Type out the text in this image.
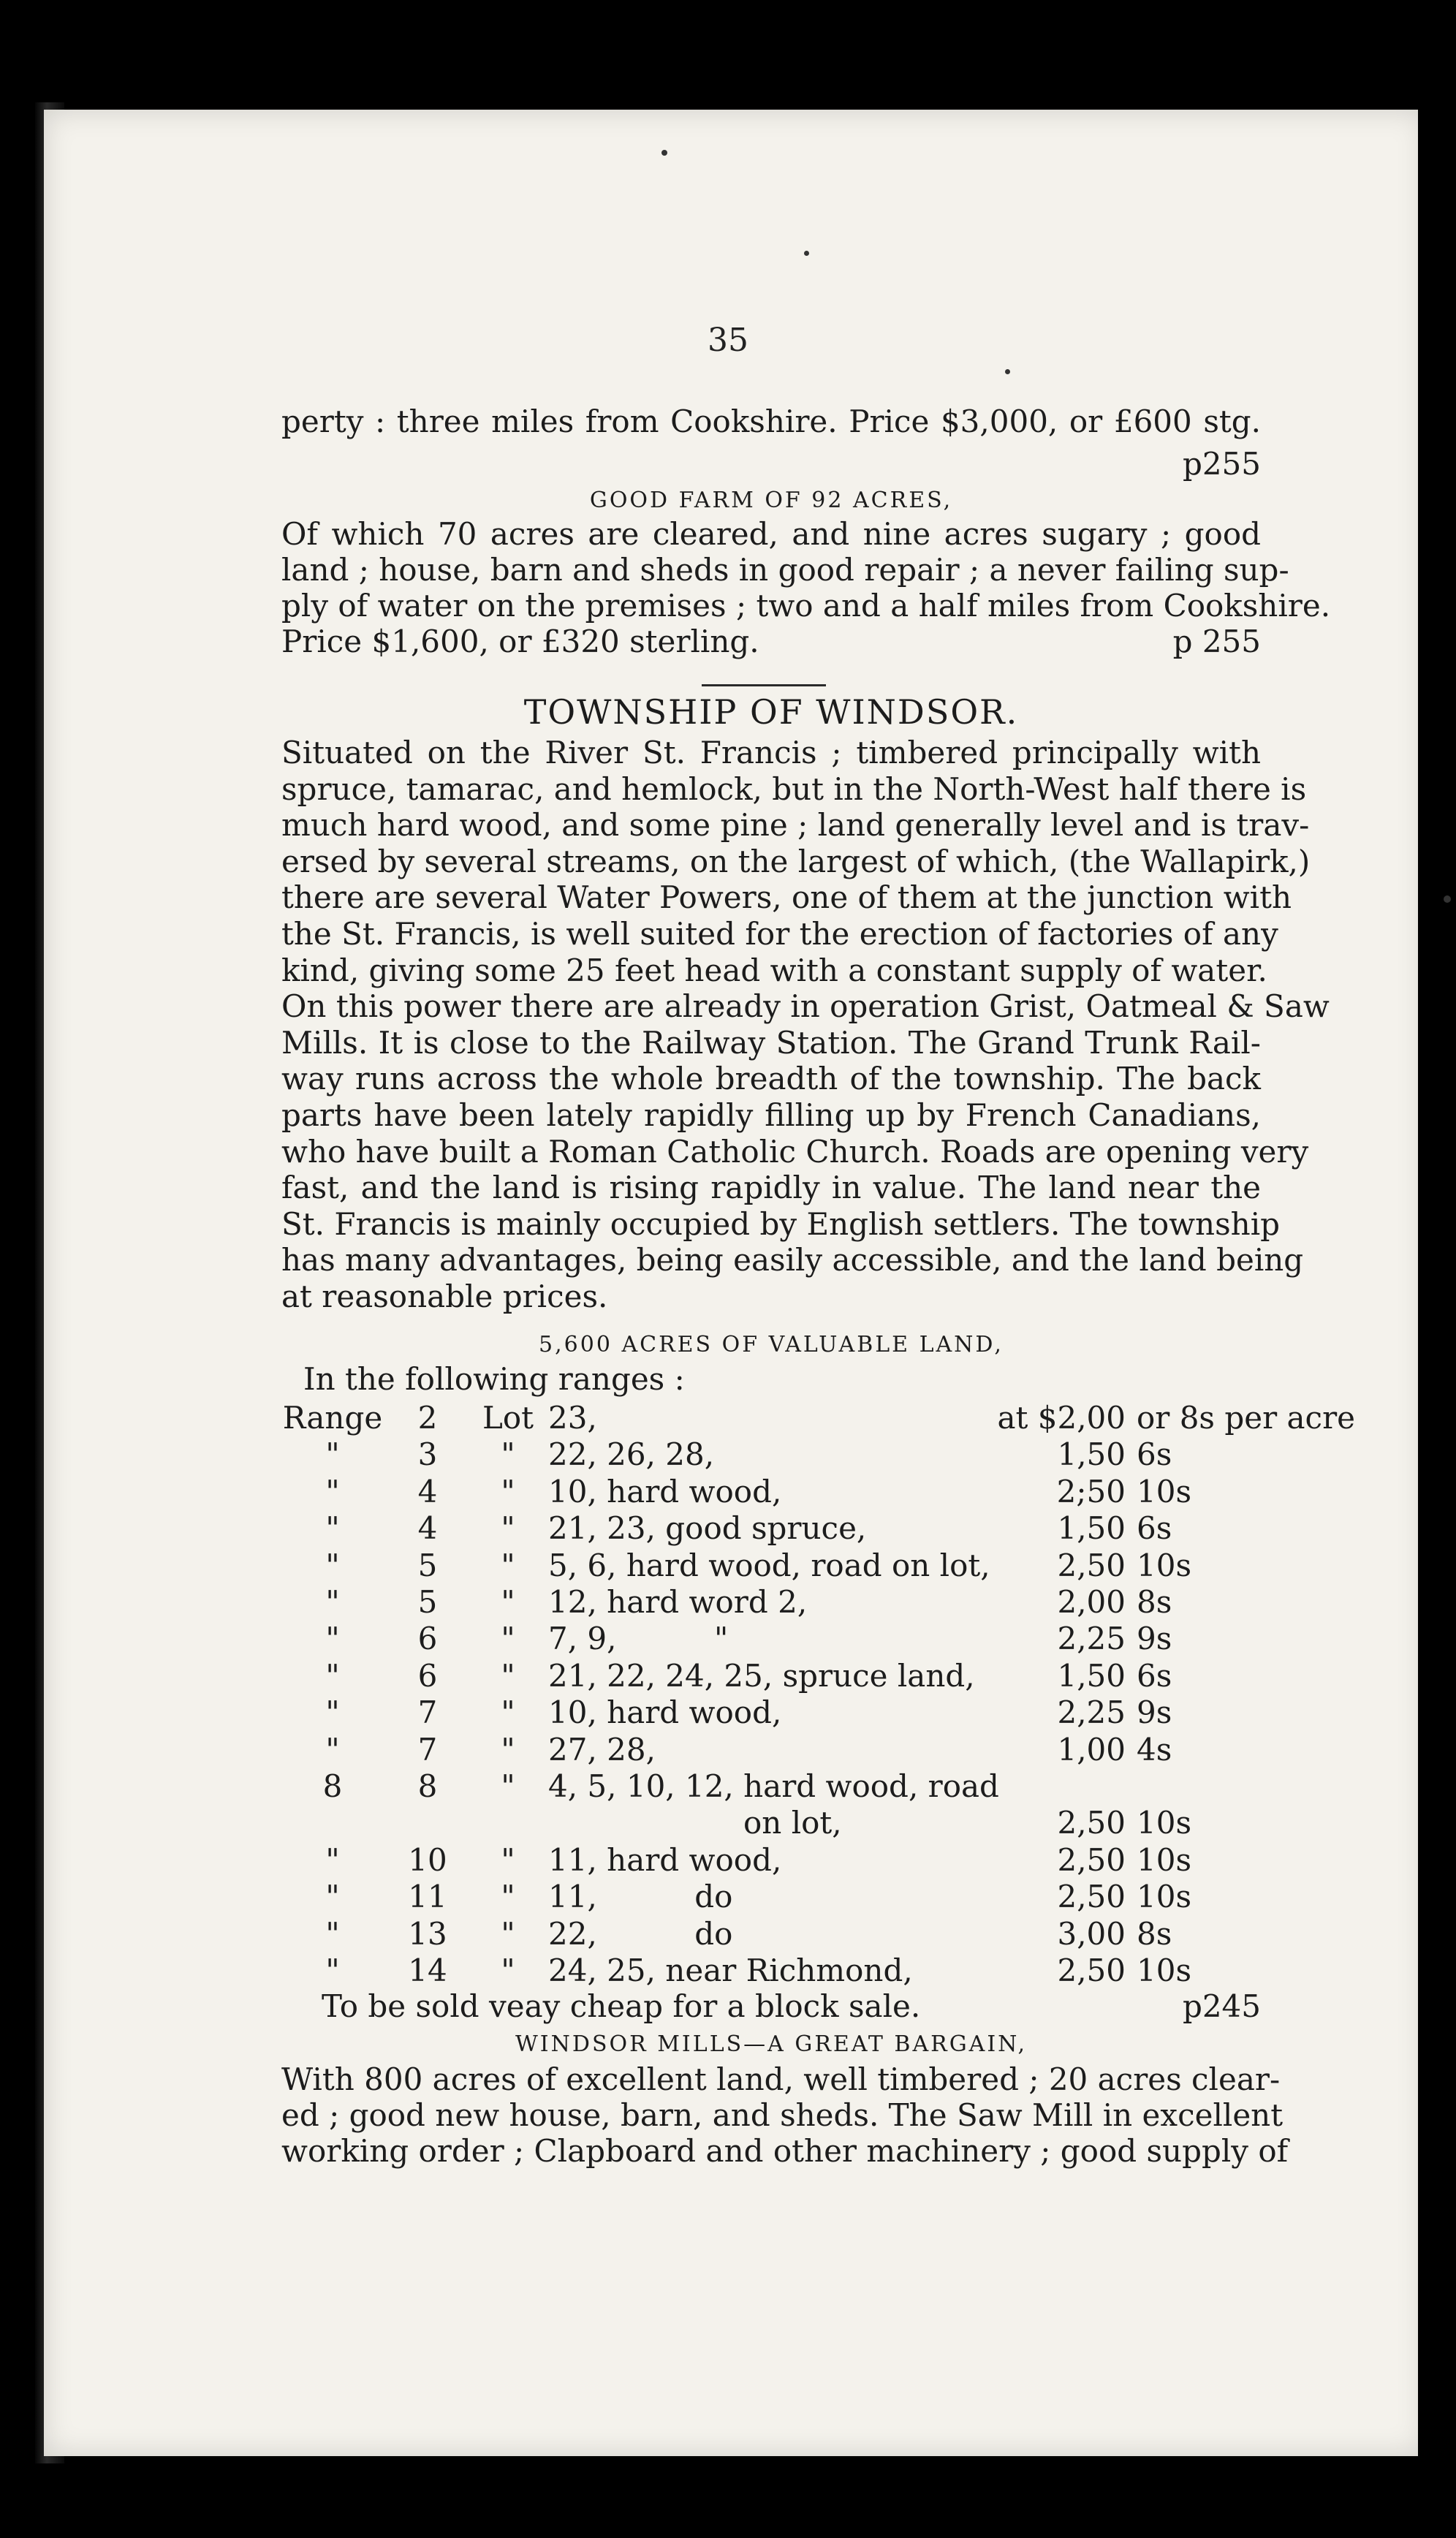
35
perty : three miles from Cookshire. Price $3,000, or £600 stg.
p255
GOOD FARM OF 92 ACRES,
Of which 70 acres are cleared, and nine acres sugary ; good
land ; house, barn and sheds in good repair ; a never failing sup-
ply of water on the premises ; two and a half miles from Cookshire.
Price $1,600, or £320 sterling.	p 255
TOWNSHIP OF WINDSOR.
Situated on the River St. Francis ; timbered principally with
spruce, tamarac, and hemlock, but in the North-West half there is
much hard wood, and some pine ; land generally level and is trav-
ersed by several streams, on the largest of which, (the Wallapirk,)
there are several Water Powers, one of them at the junction with
the St. Francis, is well suited for the erection of factories of any
kind, giving some 25 feet head with a constant supply of water.
On this power there are already in operation Grist, Oatmeal & Saw
Mills. It is close to the Railway Station. The Grand Trunk Rail-
way runs across the whole breadth of the township. The back
parts have been lately rapidly filling up by French Canadians,
who have built a Roman Catholic Church. Roads are opening very
fast, and the land is rising rapidly in value. The land near the
St. Francis is mainly occupied by English settlers. The township
has many advantages, being easily accessible, and the land being
at reasonable prices.
5,600 ACRES OF VALUABLE LAND,
In the following ranges :
Range	2	Lot 23,	at $2,00 or 8s per acre
"	3	"	22, 26, 28,	1,50 6s
"	4	"	10, hard wood,	2;50 10s
"	4	"	21, 23, good spruce,	1,50 6s
"	5	"	5, 6, hard wood, road on lot,	2,50 10s
"	5	"	12, hard word 2,	2,00 8s
"	6	"	7, 9,          "	2,25 9s
"	6	"	21, 22, 24, 25, spruce land,	1,50 6s
"	7	"	10, hard wood,	2,25 9s
"	7	"	27, 28,	1,00 4s
8	8	"	4, 5, 10, 12, hard wood, road
on lot,	2,50 10s
"	10	"	11, hard wood,	2,50 10s
"	11	"	11,          do	2,50 10s
"	13	"	22,          do	3,00 8s
"	14	"	24, 25, near Richmond,	2,50 10s
To be sold veay cheap for a block sale.	p245
WINDSOR MILLS—A GREAT BARGAIN,
With 800 acres of excellent land, well timbered ; 20 acres clear-
ed ; good new house, barn, and sheds. The Saw Mill in excellent
working order ; Clapboard and other machinery ; good supply of
